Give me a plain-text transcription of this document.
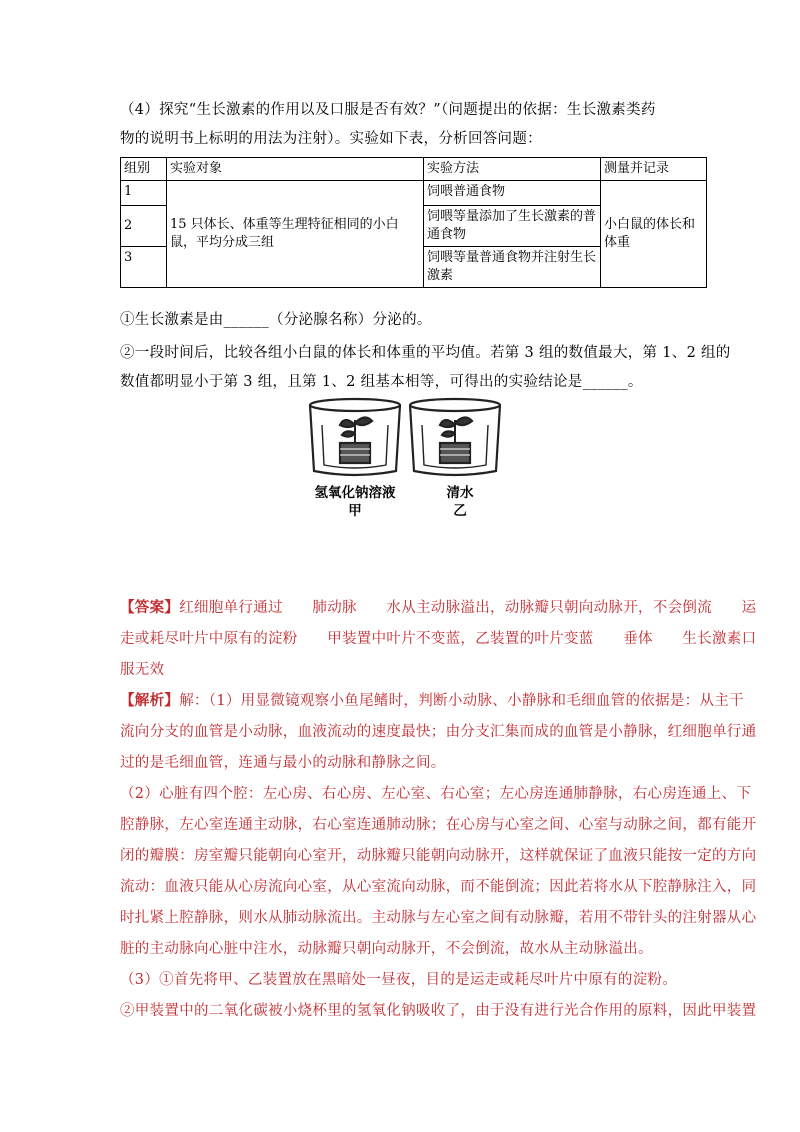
（4）探究“生长激素的作用以及口服是否有效？”（问题提出的依据：生长激素类药
物的说明书上标明的用法为注射）。实验如下表，分析回答问题：
组别	实验对象	实验方法	测量并记录
1	15 只体长、体重等生理特征相同的小白鼠，平均分成三组	饲喂普通食物	小白鼠的体长和体重
2		饲喂等量添加了生长激素的普通食物	
3		饲喂等量普通食物并注射生长激素	
①生长激素是由______（分泌腺名称）分泌的。
②一段时间后，比较各组小白鼠的体长和体重的平均值。若第 3 组的数值最大，第 1、2 组的
数值都明显小于第 3 组，且第 1、2 组基本相等，可得出的实验结论是______。
氢氧化钠溶液
甲
清水
乙
【答案】红细胞单行通过　　肺动脉　　水从主动脉溢出，动脉瓣只朝向动脉开，不会倒流　　运
走或耗尽叶片中原有的淀粉　　甲装置中叶片不变蓝，乙装置的叶片变蓝　　垂体　　生长激素口
服无效
【解析】解：（1）用显微镜观察小鱼尾鳍时，判断小动脉、小静脉和毛细血管的依据是：从主干
流向分支的血管是小动脉，血液流动的速度最快；由分支汇集而成的血管是小静脉，红细胞单行通
过的是毛细血管，连通与最小的动脉和静脉之间。
（2）心脏有四个腔：左心房、右心房、左心室、右心室；左心房连通肺静脉，右心房连通上、下
腔静脉，左心室连通主动脉，右心室连通肺动脉；在心房与心室之间、心室与动脉之间，都有能开
闭的瓣膜：房室瓣只能朝向心室开，动脉瓣只能朝向动脉开，这样就保证了血液只能按一定的方向
流动：血液只能从心房流向心室，从心室流向动脉，而不能倒流；因此若将水从下腔静脉注入，同
时扎紧上腔静脉，则水从肺动脉流出。主动脉与左心室之间有动脉瓣，若用不带针头的注射器从心
脏的主动脉向心脏中注水，动脉瓣只朝向动脉开，不会倒流，故水从主动脉溢出。
（3）①首先将甲、乙装置放在黑暗处一昼夜，目的是运走或耗尽叶片中原有的淀粉。
②甲装置中的二氧化碳被小烧杯里的氢氧化钠吸收了，由于没有进行光合作用的原料，因此甲装置
